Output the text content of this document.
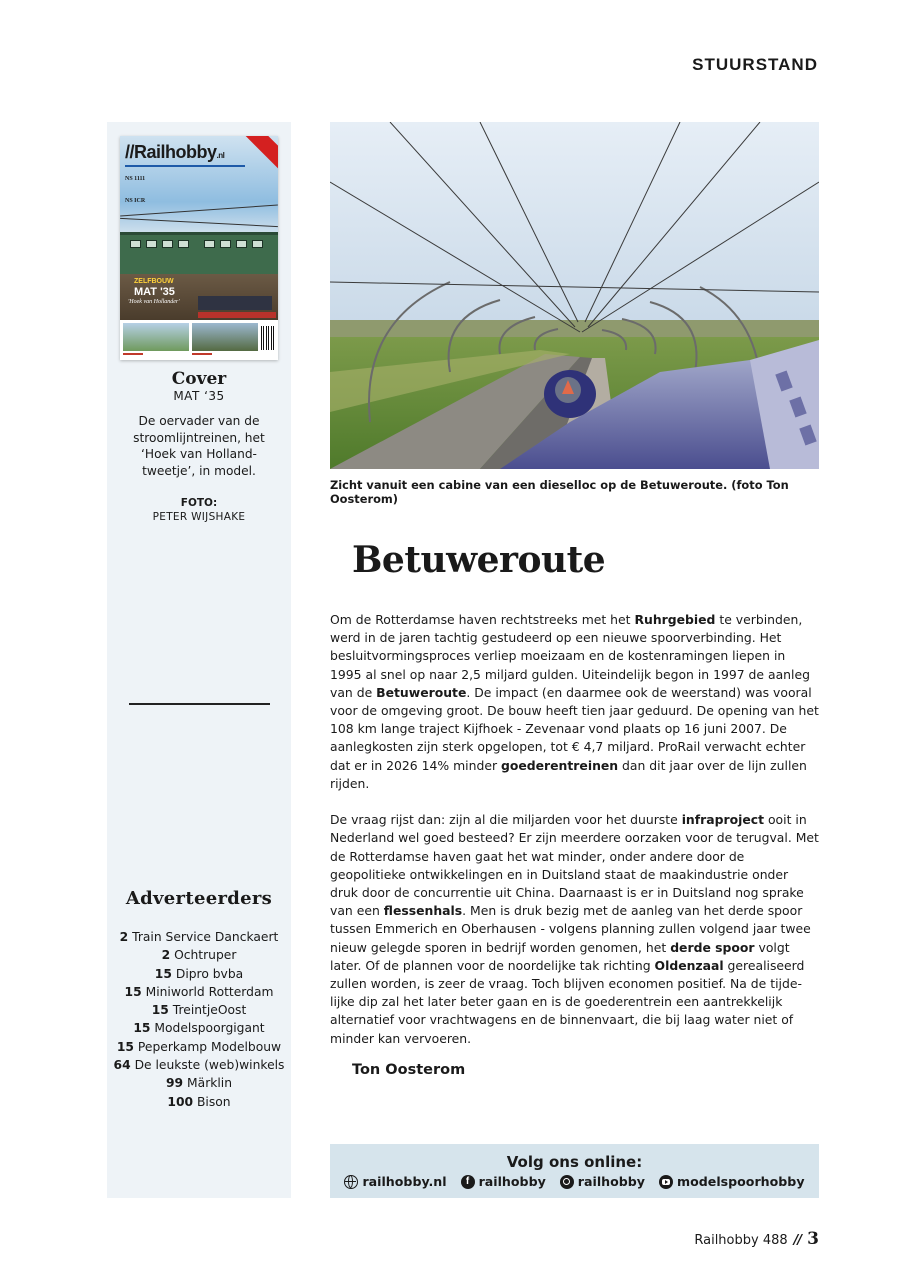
STUURSTAND
//Railhobby.nl
NS 1111
NS ICR
ZELFBOUW
MAT '35
'Hoek van Hollander'
Cover
MAT ‘35
De oervader van de stroomlijntreinen, het ‘Hoek van Holland-tweetje’, in model.
FOTO:
PETER WIJSHAKE
Adverteerders
2 Train Service Danckaert
2 Ochtruper
15 Dipro bvba
15 Miniworld Rotterdam
15 TreintjeOost
15 Modelspoorgigant
15 Peperkamp Modelbouw
64 De leukste (web)winkels
99 Märklin
100 Bison
Zicht vanuit een cabine van een dieselloc op de Betuweroute. (foto Ton Oosterom)
Betuweroute

Om de Rotterdamse haven rechtstreeks met het Ruhrgebied te verbinden, werd in de jaren tachtig gestudeerd op een nieuwe spoorverbinding. Het besluitvormingsproces verliep moeizaam en de kostenramingen liepen in 1995 al snel op naar 2,5 miljard gulden. Uiteindelijk begon in 1997 de aanleg van de Betuweroute. De impact (en daarmee ook de weerstand) was vooral voor de omgeving groot. De bouw heeft tien jaar geduurd. De opening van het 108 km lange traject Kijfhoek - Zevenaar vond plaats op 16 juni 2007. De aanlegkosten zijn sterk opgelopen, tot € 4,7 miljard. ProRail verwacht echter dat er in 2026 14% minder goederentreinen dan dit jaar over de lijn zullen rijden.

De vraag rijst dan: zijn al die miljarden voor het duurste infraproject ooit in Nederland wel goed besteed? Er zijn meerdere oorzaken voor de terugval. Met de Rotterdamse haven gaat het wat minder, onder andere door de geopolitieke ontwikkelingen en in Duitsland staat de maakindustrie onder druk door de concurrentie uit China. Daarnaast is er in Duitsland nog sprake van een flessenhals. Men is druk bezig met de aanleg van het derde spoor tussen Emmerich en Oberhausen - volgens planning zullen volgend jaar twee nieuw gelegde sporen in bedrijf worden genomen, het derde spoor volgt later. Of de plannen voor de noordelijke tak richting Oldenzaal gerealiseerd zullen worden, is zeer de vraag. Toch blijven economen positief. Na de tijde-lijke dip zal het later beter gaan en is de goederentrein een aantrekkelijk alternatief voor vrachtwagens en de binnenvaart, die bij laag water niet of minder kan vervoeren.

Ton Oosterom
Volg ons online:
railhobby.nl	f railhobby	railhobby	modelspoorhobby
Railhobby 488 // 3
